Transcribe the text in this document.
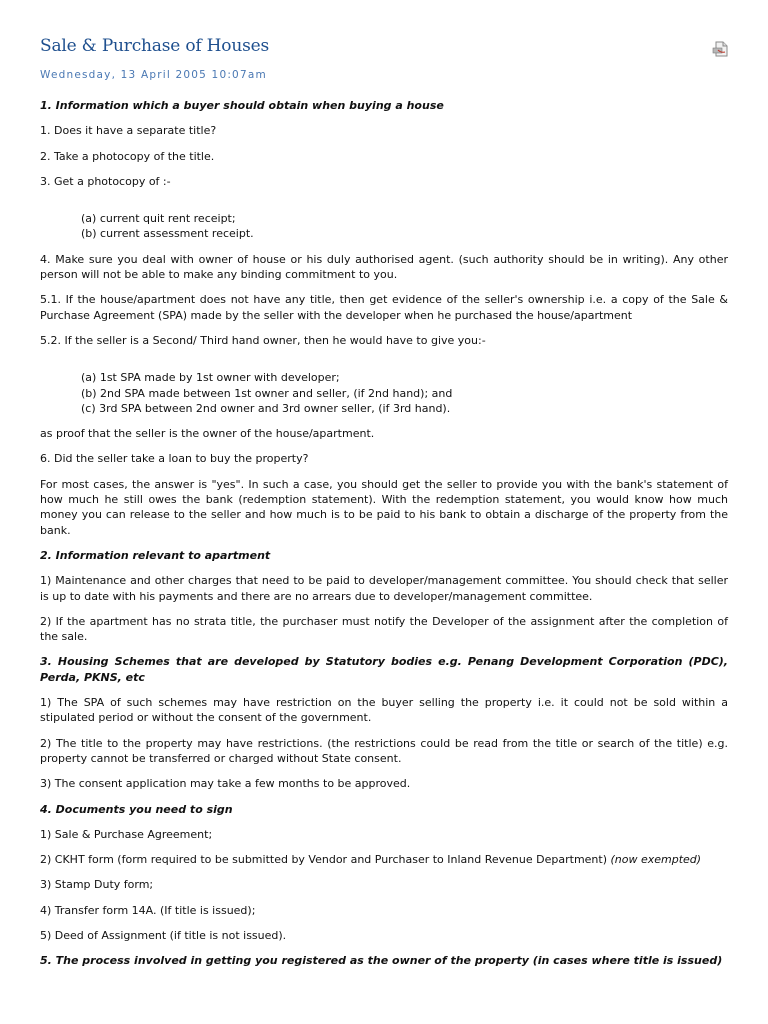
Sale & Purchase of Houses
Wednesday, 13 April 2005 10:07am

1. Information which a buyer should obtain when buying a house

1. Does it have a separate title?

2. Take a photocopy of the title.

3. Get a photocopy of :-

(a) current quit rent receipt;
(b) current assessment receipt.

4. Make sure you deal with owner of house or his duly authorised agent. (such authority should be in writing). Any other person will not be able to make any binding commitment to you.

5.1. If the house/apartment does not have any title, then get evidence of the seller's ownership i.e. a copy of the Sale & Purchase Agreement (SPA) made by the seller with the developer when he purchased the house/apartment

5.2. If the seller is a Second/ Third hand owner, then he would have to give you:-

(a) 1st SPA made by 1st owner with developer;
(b) 2nd SPA made between 1st owner and seller, (if 2nd hand); and
(c) 3rd SPA between 2nd owner and 3rd owner seller, (if 3rd hand).

as proof that the seller is the owner of the house/apartment.

6. Did the seller take a loan to buy the property?

For most cases, the answer is "yes". In such a case, you should get the seller to provide you with the bank's statement of how much he still owes the bank (redemption statement). With the redemption statement, you would know how much money you can release to the seller and how much is to be paid to his bank to obtain a discharge of the property from the bank.

2. Information relevant to apartment

1) Maintenance and other charges that need to be paid to developer/management committee. You should check that seller is up to date with his payments and there are no arrears due to developer/management committee.

2) If the apartment has no strata title, the purchaser must notify the Developer of the assignment after the completion of the sale.

3. Housing Schemes that are developed by Statutory bodies e.g. Penang Development Corporation (PDC), Perda, PKNS, etc

1) The SPA of such schemes may have restriction on the buyer selling the property i.e. it could not be sold within a stipulated period or without the consent of the government.

2) The title to the property may have restrictions. (the restrictions could be read from the title or search of the title) e.g. property cannot be transferred or charged without State consent.

3) The consent application may take a few months to be approved.

4. Documents you need to sign

1) Sale & Purchase Agreement;

2) CKHT form (form required to be submitted by Vendor and Purchaser to Inland Revenue Department) (now exempted)

3) Stamp Duty form;

4) Transfer form 14A. (If title is issued);

5) Deed of Assignment (if title is not issued).

5. The process involved in getting you registered as the owner of the property (in cases where title is issued)
